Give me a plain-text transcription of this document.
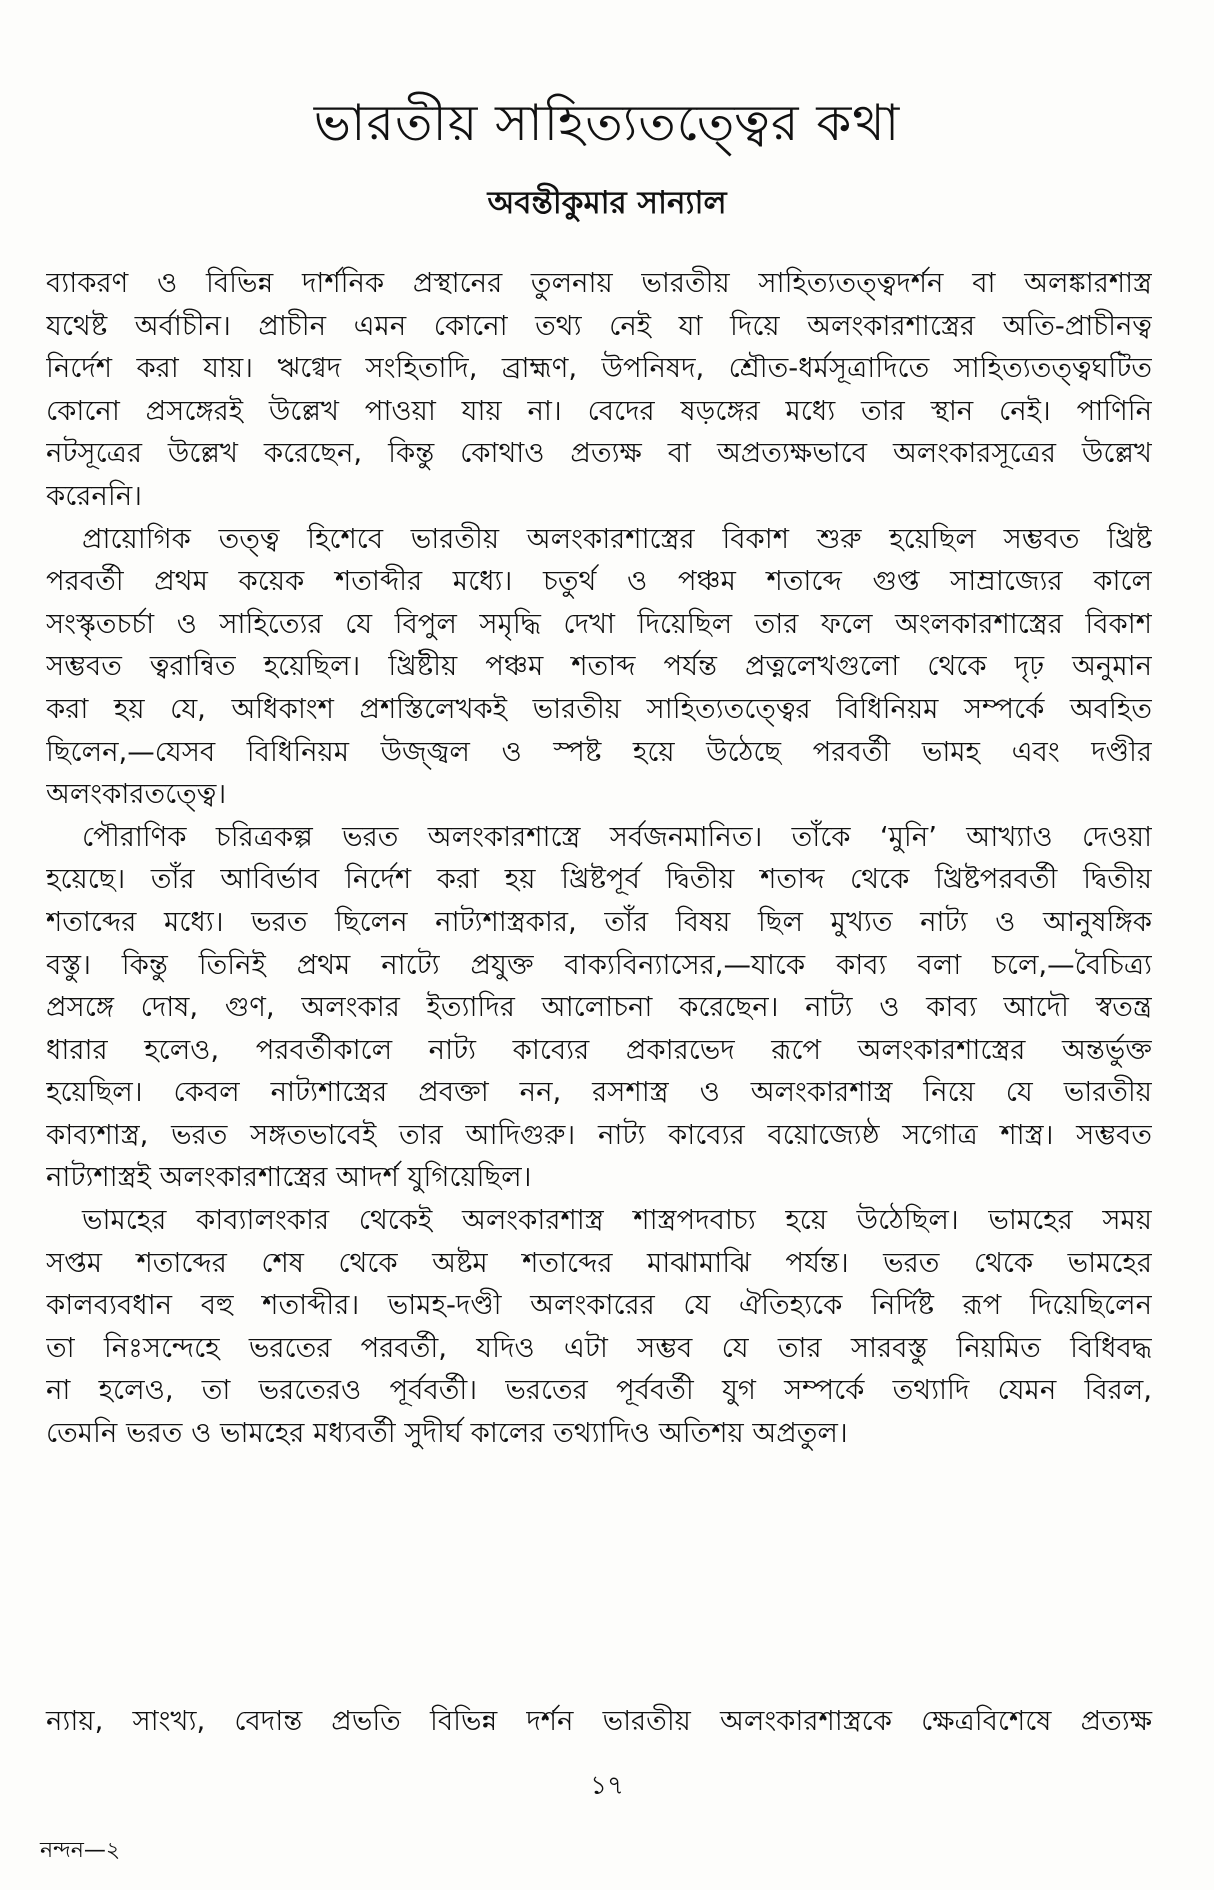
ভারতীয় সাহিত্যতত্ত্বের কথা
অবন্তীকুমার সান্যাল
ব্যাকরণ ও বিভিন্ন দার্শনিক প্রস্থানের তুলনায় ভারতীয় সাহিত্যতত্ত্বদর্শন বা অলঙ্কারশাস্ত্র
যথেষ্ট অর্বাচীন। প্রাচীন এমন কোনো তথ্য নেই যা দিয়ে অলংকারশাস্ত্রের অতি-প্রাচীনত্ব
নির্দেশ করা যায়। ঋগ্বেদ সংহিতাদি, ব্রাহ্মণ, উপনিষদ, শ্রৌত-ধর্মসূত্রাদিতে সাহিত্যতত্ত্বঘটিত
কোনো প্রসঙ্গেরই উল্লেখ পাওয়া যায় না। বেদের ষড়ঙ্গের মধ্যে তার স্থান নেই। পাণিনি
নটসূত্রের উল্লেখ করেছেন, কিন্তু কোথাও প্রত্যক্ষ বা অপ্রত্যক্ষভাবে অলংকারসূত্রের উল্লেখ
করেননি।
প্রায়োগিক তত্ত্ব হিশেবে ভারতীয় অলংকারশাস্ত্রের বিকাশ শুরু হয়েছিল সম্ভবত খ্রিষ্ট
পরবর্তী প্রথম কয়েক শতাব্দীর মধ্যে। চতুর্থ ও পঞ্চম শতাব্দে গুপ্ত সাম্রাজ্যের কালে
সংস্কৃতচর্চা ও সাহিত্যের যে বিপুল সমৃদ্ধি দেখা দিয়েছিল তার ফলে অংলকারশাস্ত্রের বিকাশ
সম্ভবত ত্বরান্বিত হয়েছিল। খ্রিষ্টীয় পঞ্চম শতাব্দ পর্যন্ত প্রত্নলেখগুলো থেকে দৃঢ় অনুমান
করা হয় যে, অধিকাংশ প্রশস্তিলেখকই ভারতীয় সাহিত্যতত্ত্বের বিধিনিয়ম সম্পর্কে অবহিত
ছিলেন,—যেসব বিধিনিয়ম উজ্জ্বল ও স্পষ্ট হয়ে উঠেছে পরবর্তী ভামহ এবং দণ্ডীর
অলংকারতত্ত্বে।
পৌরাণিক চরিত্রকল্প ভরত অলংকারশাস্ত্রে সর্বজনমানিত। তাঁকে ‘মুনি’ আখ্যাও দেওয়া
হয়েছে। তাঁর আবির্ভাব নির্দেশ করা হয় খ্রিষ্টপূর্ব দ্বিতীয় শতাব্দ থেকে খ্রিষ্টপরবর্তী দ্বিতীয়
শতাব্দের মধ্যে। ভরত ছিলেন নাট্যশাস্ত্রকার, তাঁর বিষয় ছিল মুখ্যত নাট্য ও আনুষঙ্গিক
বস্তু। কিন্তু তিনিই প্রথম নাট্যে প্রযুক্ত বাক্যবিন্যাসের,—যাকে কাব্য বলা চলে,—বৈচিত্র্য
প্রসঙ্গে দোষ, গুণ, অলংকার ইত্যাদির আলোচনা করেছেন। নাট্য ও কাব্য আদৌ স্বতন্ত্র
ধারার হলেও, পরবর্তীকালে নাট্য কাব্যের প্রকারভেদ রূপে অলংকারশাস্ত্রের অন্তর্ভুক্ত
হয়েছিল। কেবল নাট্যশাস্ত্রের প্রবক্তা নন, রসশাস্ত্র ও অলংকারশাস্ত্র নিয়ে যে ভারতীয়
কাব্যশাস্ত্র, ভরত সঙ্গতভাবেই তার আদিগুরু। নাট্য কাব্যের বয়োজ্যেষ্ঠ সগোত্র শাস্ত্র। সম্ভবত
নাট্যশাস্ত্রই অলংকারশাস্ত্রের আদর্শ যুগিয়েছিল।
ভামহের কাব্যালংকার থেকেই অলংকারশাস্ত্র শাস্ত্রপদবাচ্য হয়ে উঠেছিল। ভামহের সময়
সপ্তম শতাব্দের শেষ থেকে অষ্টম শতাব্দের মাঝামাঝি পর্যন্ত। ভরত থেকে ভামহের
কালব্যবধান বহু শতাব্দীর। ভামহ-দণ্ডী অলংকারের যে ঐতিহ্যকে নির্দিষ্ট রূপ দিয়েছিলেন
তা নিঃসন্দেহে ভরতের পরবর্তী, যদিও এটা সম্ভব যে তার সারবস্তু নিয়মিত বিধিবদ্ধ
না হলেও, তা ভরতেরও পূর্ববর্তী। ভরতের পূর্ববর্তী যুগ সম্পর্কে তথ্যাদি যেমন বিরল,
তেমনি ভরত ও ভামহের মধ্যবর্তী সুদীর্ঘ কালের তথ্যাদিও অতিশয় অপ্রতুল।
ন্যায়, সাংখ্য, বেদান্ত প্রভতি বিভিন্ন দর্শন ভারতীয় অলংকারশাস্ত্রকে ক্ষেত্রবিশেষে প্রত্যক্ষ
১৭
নন্দন—২
